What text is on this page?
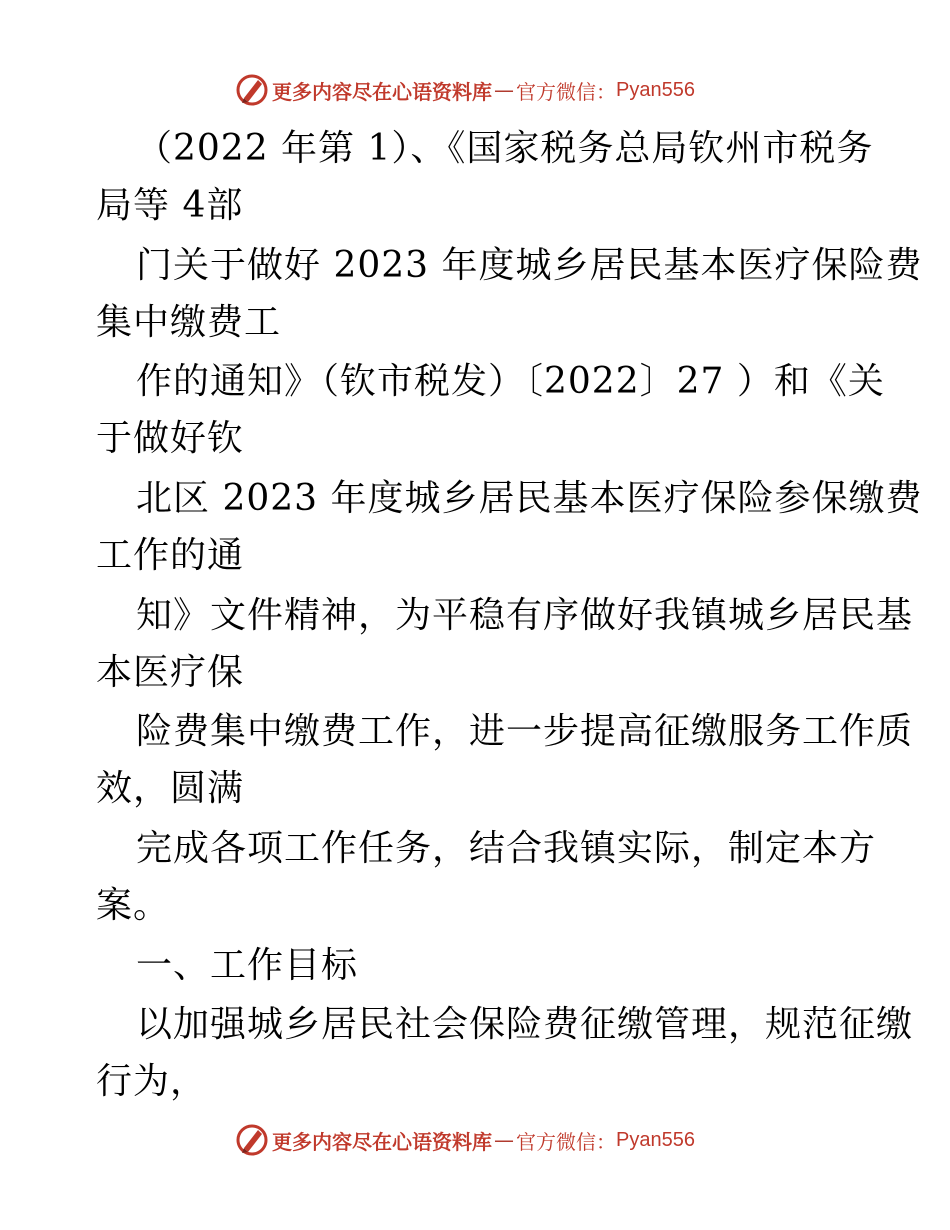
更多内容尽在心语资料库 — 官方微信： Pyan556
（2022 年第 1）、《国家税务总局钦州市税务
局等 4部
门关于做好 2023 年度城乡居民基本医疗保险费
集中缴费工
作的通知》（钦市税发）〔2022〕27 ）和《关
于做好钦
北区 2023 年度城乡居民基本医疗保险参保缴费
工作的通
知》文件精神，为平稳有序做好我镇城乡居民基
本医疗保
险费集中缴费工作，进一步提高征缴服务工作质
效，圆满
完成各项工作任务，结合我镇实际，制定本方
案。
一、工作目标
以加强城乡居民社会保险费征缴管理，规范征缴
行为，
更多内容尽在心语资料库 — 官方微信： Pyan556
